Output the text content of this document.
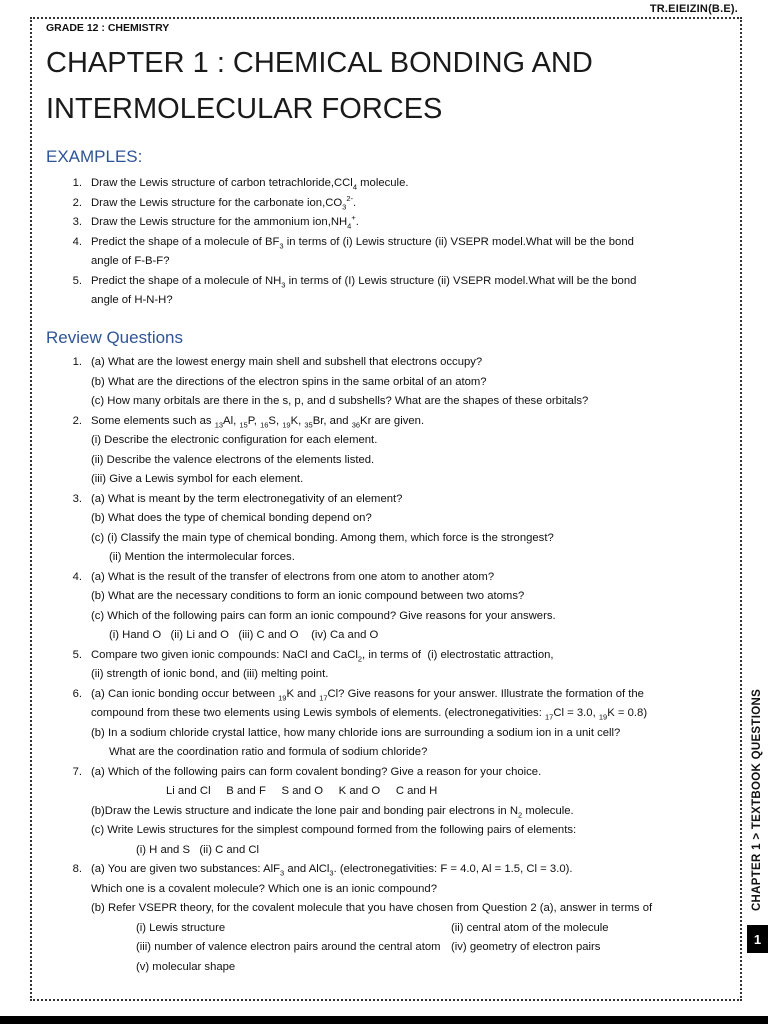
TR.EIEIZIN(B.E).
GRADE 12 : CHEMISTRY
CHAPTER 1 : CHEMICAL BONDING AND INTERMOLECULAR FORCES
EXAMPLES:
1. Draw the Lewis structure of carbon tetrachloride,CCl$_4$ molecule.
2. Draw the Lewis structure for the carbonate $ion,CO_3^{2-}$.
3. Draw the Lewis structure for the ammonium $ion,NH_4^+$.
4. Predict the shape of a molecule of $BF_3$ in terms of (i) Lewis structure (ii) VSEPR model.What will be the bond
angle of F-B-F?
5. Predict the shape of a molecule of $NH_3$ in terms of (I) Lewis structure (ii) VSEPR model.What will be the bond
angle of H-N-H?
Review Questions
1. (a) What are the lowest energy main shell and subshell that electrons occupy?
(b) What are the directions of the electron spins in the same orbital of an atom?
(c) How many orbitals are there in the s, p, and d subshells? What are the shapes of these orbitals?
2. Some elements such as $_{13}$Al, $_{15}$P, $_{16}$S, $_{19}$K, $_{35}$Br, and $_{36}$Kr are given.
(i) Describe the electronic configuration for each element.
(ii) Describe the valence electrons of the elements listed.
(iii) Give a Lewis symbol for each element.
3. (a) What is meant by the term electronegativity of an element?
(b) What does the type of chemical bonding depend on?
(c) (i) Classify the main type of chemical bonding. Among them, which force is the strongest?
(ii) Mention the intermolecular forces.
4. (a) What is the result of the transfer of electrons from one atom to another atom?
(b) What are the necessary conditions to form an ionic compound between two atoms?
(c) Which of the following pairs can form an ionic compound? Give reasons for your answers.
(i) Hand O   (ii) Li and O   (iii) C and O    (iv) Ca and O
5. Compare two given ionic compounds: NaCl and CaCl$_2$, in terms of  (i) electrostatic attraction,
(ii) strength of ionic bond, and (iii) melting point.
6. (a) Can ionic bonding occur between $_{19}$K and $_{17}$Cl? Give reasons for your answer. Illustrate the formation of the
compound from these two elements using Lewis symbols of elements. (electronegativities: $_{17}$Cl = 3.0, $_{19}$K = 0.8)
(b) In a sodium chloride crystal lattice, how many chloride ions are surrounding a sodium ion in a unit cell?
What are the coordination ratio and formula of sodium chloride?
7. (a) Which of the following pairs can form covalent bonding? Give a reason for your choice.
Li and Cl     B and F     S and O     K and O     C and H
(b)Draw the Lewis structure and indicate the lone pair and bonding pair electrons in $N_2$ molecule.
(c) Write Lewis structures for the simplest compound formed from the following pairs of elements:
(i) H and S   (ii) C and Cl
8. (a) You are given two substances: AlF$_3$ and AlCl$_3$. (electronegativities: F = 4.0, Al = 1.5, Cl = 3.0).
Which one is a covalent molecule? Which one is an ionic compound?
(b) Refer VSEPR theory, for the covalent molecule that you have chosen from Question 2 (a), answer in terms of
(i) Lewis structure	(ii) central atom of the molecule
(iii) number of valence electron pairs around the central atom (iv) geometry of electron pairs
(v) molecular shape
CHAPTER 1 > TEXTBOOK QUESTIONS
1
